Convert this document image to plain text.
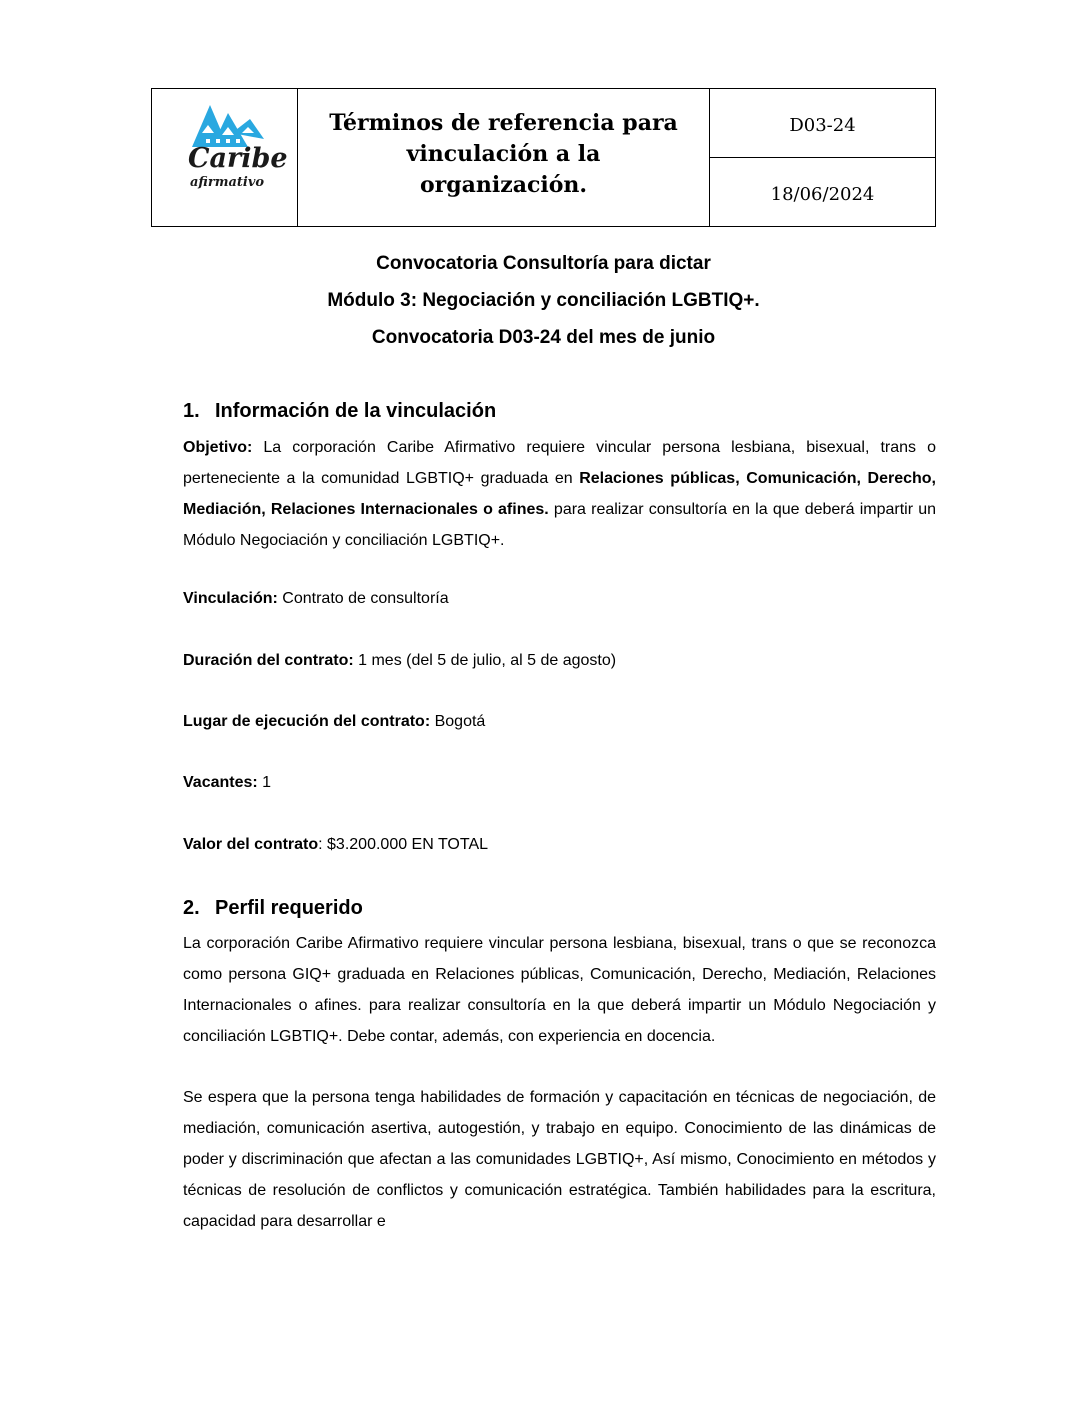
Caribe
afirmativo
Términos de referencia para vinculación a la organización.
D03-24
18/06/2024
Convocatoria Consultoría para dictar
Módulo 3: Negociación y conciliación LGBTIQ+.
Convocatoria D03-24 del mes de junio
1. Información de la vinculación
Objetivo: La corporación Caribe Afirmativo requiere vincular persona lesbiana, bisexual, trans o perteneciente a la comunidad LGBTIQ+ graduada en Relaciones públicas, Comunicación, Derecho, Mediación, Relaciones Internacionales o afines. para realizar consultoría en la que deberá impartir un Módulo Negociación y conciliación LGBTIQ+.
Vinculación: Contrato de consultoría
Duración del contrato: 1 mes (del 5 de julio, al 5 de agosto)
Lugar de ejecución del contrato: Bogotá
Vacantes: 1
Valor del contrato: $3.200.000 EN TOTAL
2. Perfil requerido
La corporación Caribe Afirmativo requiere vincular persona lesbiana, bisexual, trans o que se reconozca como persona GIQ+ graduada en Relaciones públicas, Comunicación, Derecho, Mediación, Relaciones Internacionales o afines. para realizar consultoría en la que deberá impartir un Módulo Negociación y conciliación LGBTIQ+. Debe contar, además, con experiencia en docencia.
Se espera que la persona tenga habilidades de formación y capacitación en técnicas de negociación, de mediación, comunicación asertiva, autogestión, y trabajo en equipo. Conocimiento de las dinámicas de poder y discriminación que afectan a las comunidades LGBTIQ+, Así mismo, Conocimiento en métodos y técnicas de resolución de conflictos y comunicación estratégica. También habilidades para la escritura, capacidad para desarrollar e
